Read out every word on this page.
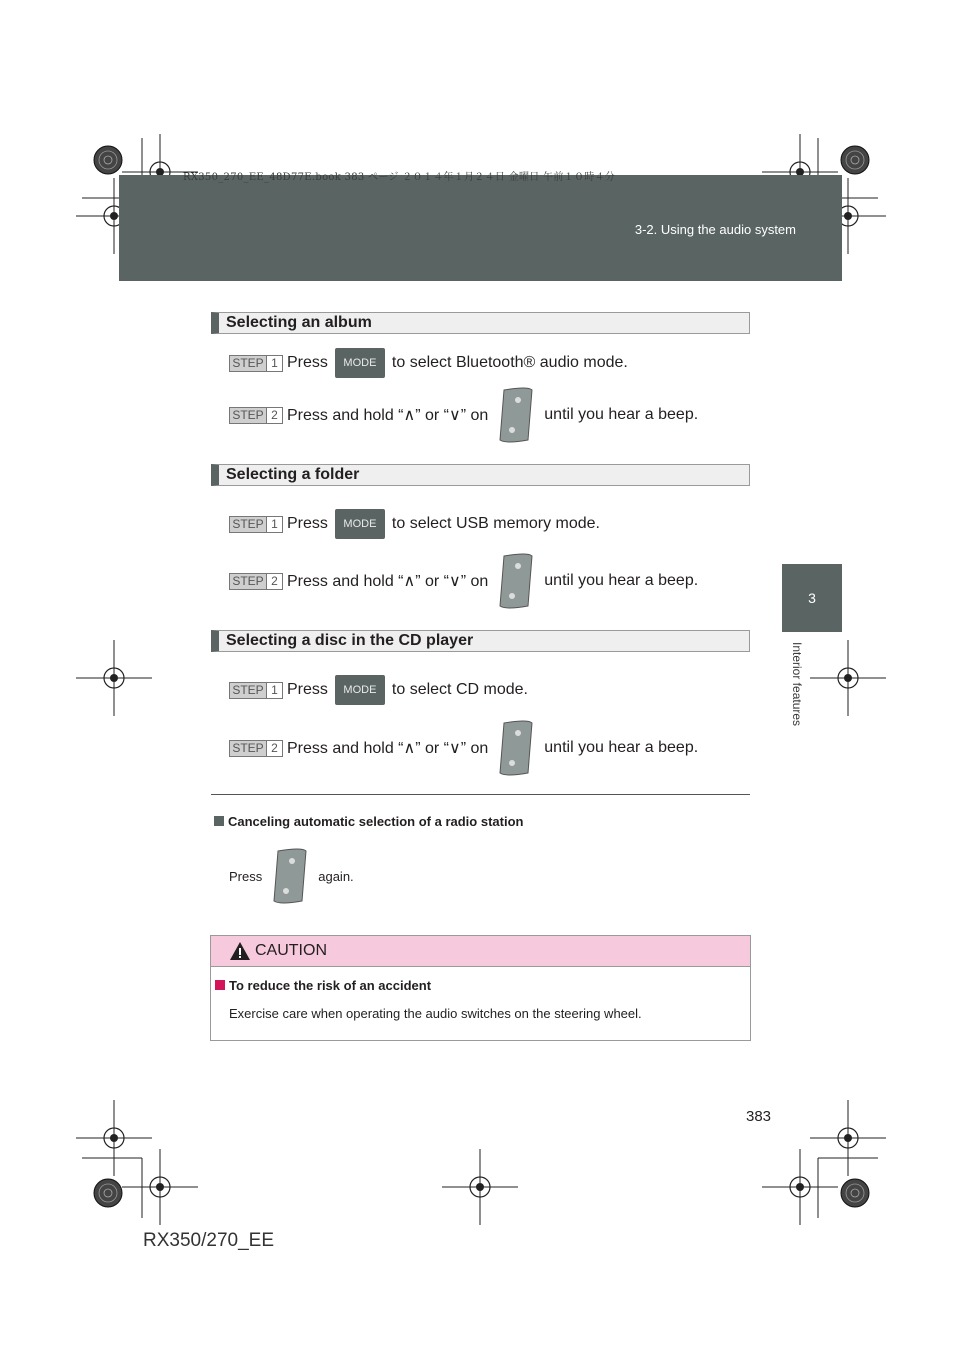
RX350_270_EE_48D77E.book 383 ページ ２０１４年１月２４日 金曜日 午前１０時４分
3-2. Using the audio system
3
Interior features
Selecting an album
STEP 1 Press	MODE to select Bluetooth® audio mode.
STEP 2 Press and hold “∧” or “∨” on	until you hear a beep.
Selecting a folder
STEP 1 Press	MODE to select USB memory mode.
STEP 2 Press and hold “∧” or “∨” on	until you hear a beep.
Selecting a disc in the CD player
STEP 1 Press	MODE to select CD mode.
STEP 2 Press and hold “∧” or “∨” on	until you hear a beep.
Canceling automatic selection of a radio station
Press	again.
CAUTION
To reduce the risk of an accident
Exercise care when operating the audio switches on the steering wheel.
383
RX350/270_EE
